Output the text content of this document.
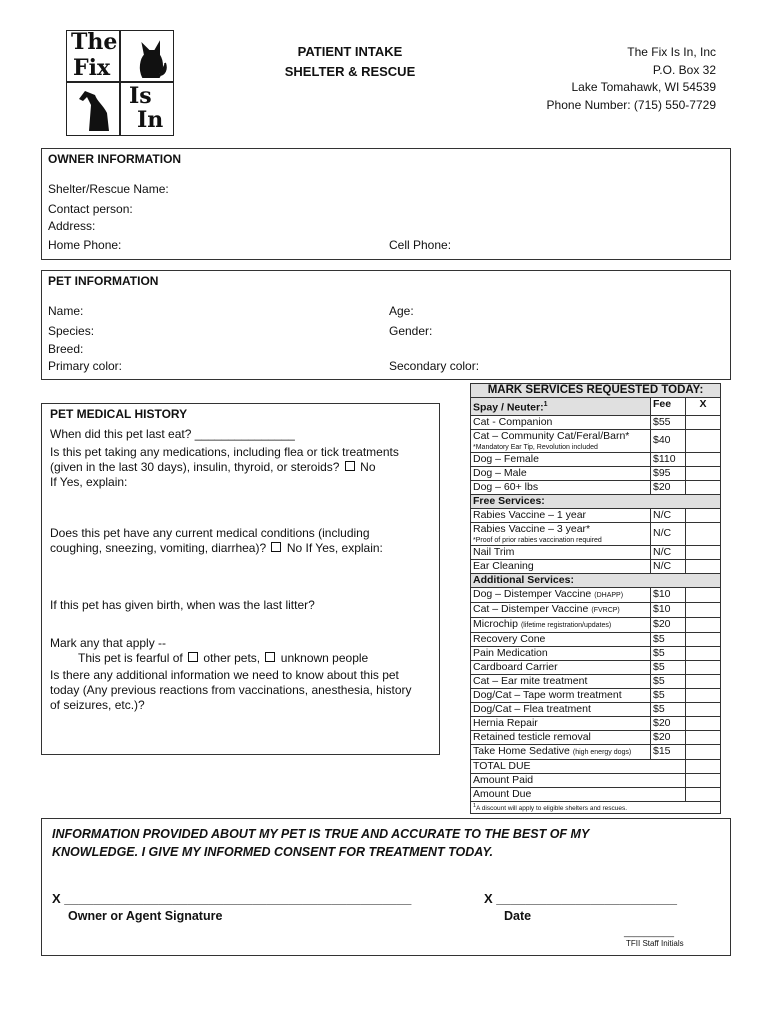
The
Fix
Is
In
PATIENT INTAKE
SHELTER & RESCUE
The Fix Is In, Inc
P.O. Box 32
Lake Tomahawk, WI 54539
Phone Number: (715) 550-7729
OWNER INFORMATION
Shelter/Rescue Name:
Contact person:
Address:
Home Phone:	Cell Phone:
PET INFORMATION
Name:	Age:
Species:	Gender:
Breed:
Primary color:	Secondary color:

PET MEDICAL HISTORY

When did this pet last eat? _______________

Is this pet taking any medications, including flea or tick treatments

(given in the last 30 days), insulin, thyroid, or steroids? No

If Yes, explain:

Does this pet have any current medical conditions (including

coughing, sneezing, vomiting, diarrhea)? No If Yes, explain:

If this pet has given birth, when was the last litter?

Mark any that apply --

This pet is fearful of other pets, unknown people

Is there any additional information we need to know about this pet

today (Any previous reactions from vaccinations, anesthesia, history

of seizures, etc.)?

MARK SERVICES REQUESTED TODAY:		
Spay / Neuter:$^1$	Fee	X
Cat - Companion	$55	
Cat – Community Cat/Feral/Barn*
*Mandatory Ear Tip, Revolution included	$40	
Dog – Female	$110	
Dog – Male	$95	
Dog – 60+ lbs	$20	
Free Services:		
Rabies Vaccine – 1 year	N/C	
Rabies Vaccine – 3 year*
*Proof of prior rabies vaccination required	N/C	
Nail Trim	N/C	
Ear Cleaning	N/C	
Additional Services:		
Dog – Distemper Vaccine (DHAPP)	$10	
Cat – Distemper Vaccine (FVRCP)	$10	
Microchip (lifetime registration/updates)	$20	
Recovery Cone	$5	
Pain Medication	$5	
Cardboard Carrier	$5	
Cat – Ear mite treatment	$5	
Dog/Cat – Tape worm treatment	$5	
Dog/Cat – Flea treatment	$5	
Hernia Repair	$20	
Retained testicle removal	$20	
Take Home Sedative (high energy dogs)	$15	
TOTAL DUE		
Amount Paid		
Amount Due		
$^1$A discount will apply to eligible shelters and rescues.		
INFORMATION PROVIDED ABOUT MY PET IS TRUE AND ACCURATE TO THE BEST OF MY
KNOWLEDGE. I GIVE MY INFORMED CONSENT FOR TREATMENT TODAY.
X ________________________________________________
Owner or Agent Signature
X _________________________
Date
__________
TFII Staff Initials
